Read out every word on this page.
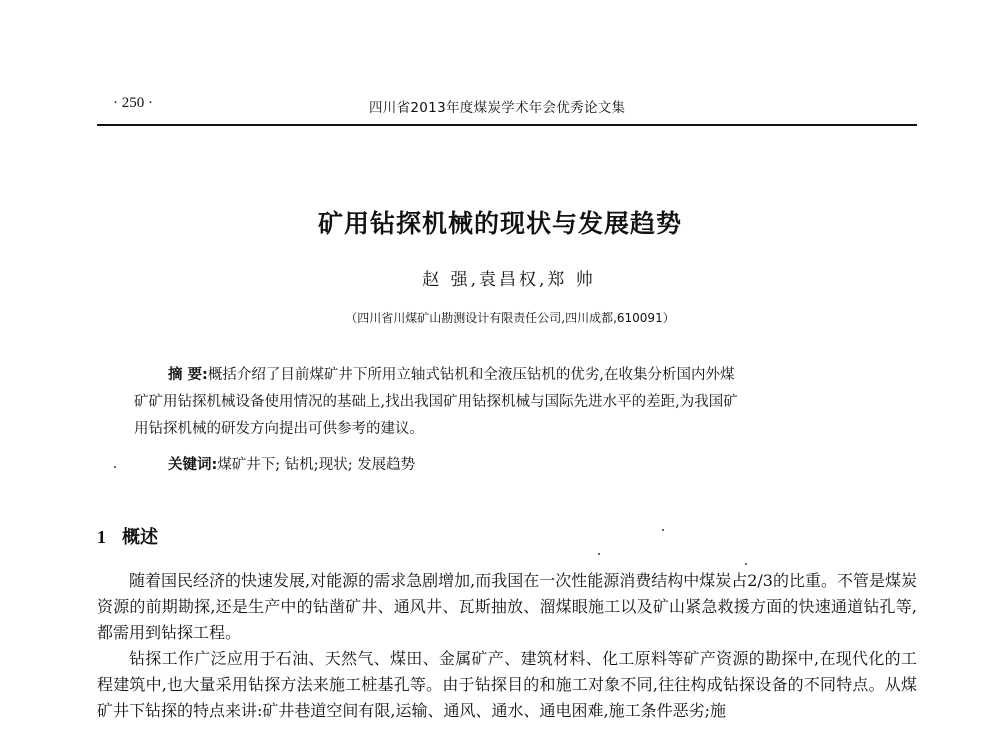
· 250 ·	四川省2013年度煤炭学术年会优秀论文集
矿用钻探机械的现状与发展趋势
赵 强,袁昌权,郑 帅
（四川省川煤矿山勘测设计有限责任公司,四川成都,610091）
摘 要:概括介绍了目前煤矿井下所用立轴式钻机和全液压钻机的优劣,在收集分析国内外煤
矿矿用钻探机械设备使用情况的基础上,找出我国矿用钻探机械与国际先进水平的差距,为我国矿
用钻探机械的研发方向提出可供参考的建议。
关键词:煤矿井下; 钻机;现状; 发展趋势
1 概述

随着国民经济的快速发展,对能源的需求急剧增加,而我国在一次性能源消费结构中煤炭占2/3的比重。不管是煤炭资源的前期勘探,还是生产中的钻凿矿井、通风井、瓦斯抽放、溜煤眼施工以及矿山紧急救援方面的快速通道钻孔等,都需用到钻探工程。

钻探工作广泛应用于石油、天然气、煤田、金属矿产、建筑材料、化工原料等矿产资源的勘探中,在现代化的工程建筑中,也大量采用钻探方法来施工桩基孔等。由于钻探目的和施工对象不同,往往构成钻探设备的不同特点。从煤矿井下钻探的特点来讲:矿井巷道空间有限,运输、通风、通水、通电困难,施工条件恶劣;施
